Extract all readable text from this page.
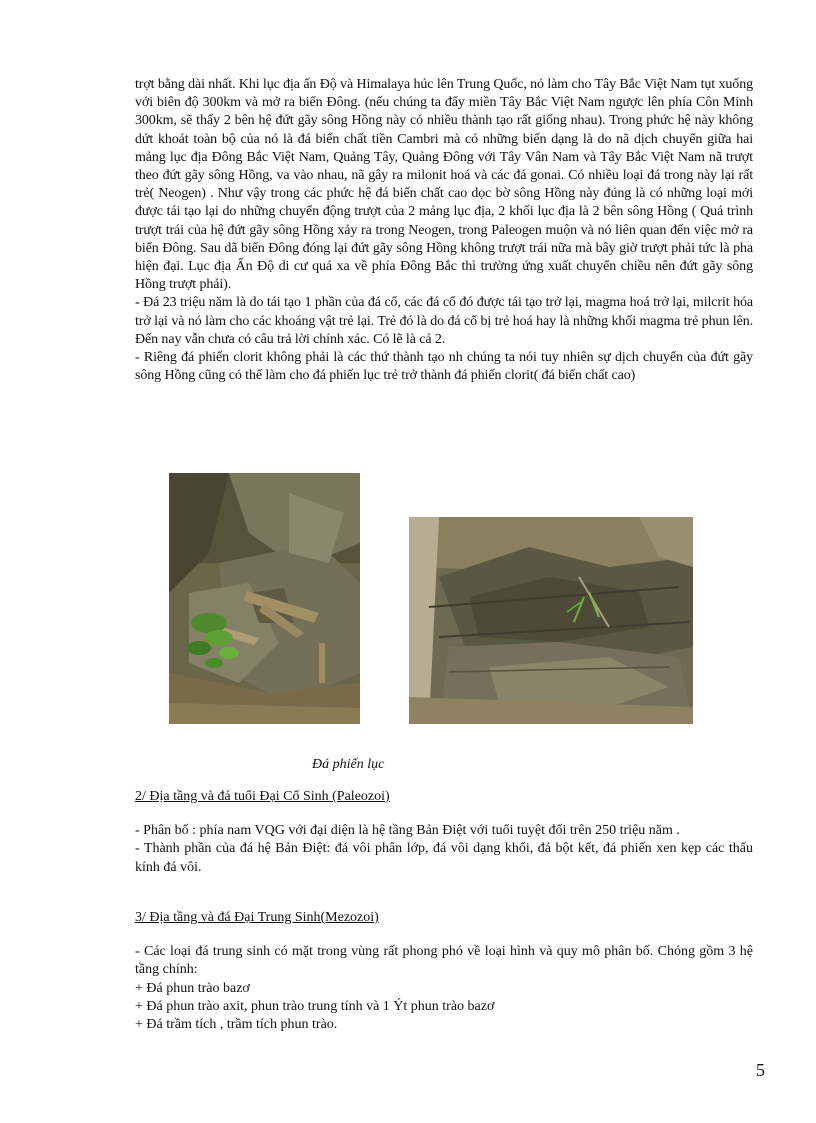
trợt bằng dài nhất. Khi lục địa ấn Độ và Himalaya húc lên Trung Quốc, nó làm cho Tây Bắc Việt Nam tụt xuống với biên độ 300km và mở ra biển Đông. (nếu chúng ta đẩy miền Tây Bắc Việt Nam ngược lên phía Côn Minh 300km, sẽ thấy 2 bên hệ đứt gãy sông Hồng này có nhiều thành tạo rất giống nhau). Trong phức hệ này không dứt khoát toàn bộ của nó là đá biến chất tiền Cambri mà có những biến dạng là do nã dịch chuyển giữa hai mảng lục địa Đông Bắc Việt Nam, Quảng Tây, Quảng Đông với Tây Vân Nam và Tây Bắc Việt Nam nã trượt theo đứt gãy sông Hồng, va vào nhau, nã gây ra milonit hoá và các đá gonai. Có nhiều loại đá trong này lại rất trẻ( Neogen) . Như vậy trong các phức hệ đá biến chất cao dọc bờ sông Hồng này đúng là có những loại mới được tái tạo lại do những chuyển động trượt của 2 mảng lục địa, 2 khối lục địa là 2 bên sông Hồng ( Quá trình trượt trái của hệ đứt gãy sông Hồng xảy ra trong Neogen, trong Paleogen muộn và nó liên quan đến việc mở ra biển Đông. Sau dã biển Đông đóng lại đứt gãy sông Hồng không trượt trái nữa mà bây giờ trượt phải tức là pha hiện đại. Lục địa Ấn Độ di cư quá xa về phía Đông Bắc thì trường ứng xuất chuyển chiều nên đứt gãy sông Hồng trượt phải).

- Đá 23 triệu năm là do tái tạo 1 phần của đá cổ, các đá cổ đó được tái tạo trở lại, magma hoá trở lại, milcrit hóa trở lại và nó làm cho các khoáng vật trẻ lại. Trẻ đó là do đá cổ bị trẻ hoá hay là những khối magma trẻ phun lên. Đến nay vẫn chưa có câu trả lời chính xác. Có lẽ là cả 2.

- Riêng đá phiến clorit không phải là các thứ thành tạo nh chúng ta nói tuy nhiên sự dịch chuyển của đứt gãy sông Hồng cũng có thể làm cho đá phiến lục trẻ trở thành đá phiến clorit( đá biến chất cao)

Đá phiến lục

2/ Địa tầng và đá tuổi Đại Cổ Sinh (Paleozoi)

- Phân bố : phía nam VQG với đại diện là hệ tầng Bản Điệt với tuổi tuyệt đối trên 250 triệu năm .

- Thành phần của đá hệ Bản Điệt: đá vôi phân lớp, đá vôi dạng khối, đá bột kết, đá phiến xen kẹp các thấu kính đá vôi.

3/ Địa tầng và đá Đại Trung Sinh(Mezozoi)

- Các loại đá trung sinh có mặt trong vùng rất phong phó về loại hình và quy mô phân bố. Chóng gồm 3 hệ tầng chính:

+ Đá phun trào bazơ

+ Đá phun trào axit, phun trào trung tính và 1 Ýt phun trào bazơ

+ Đá trầm tích , trầm tích phun trào.

5
